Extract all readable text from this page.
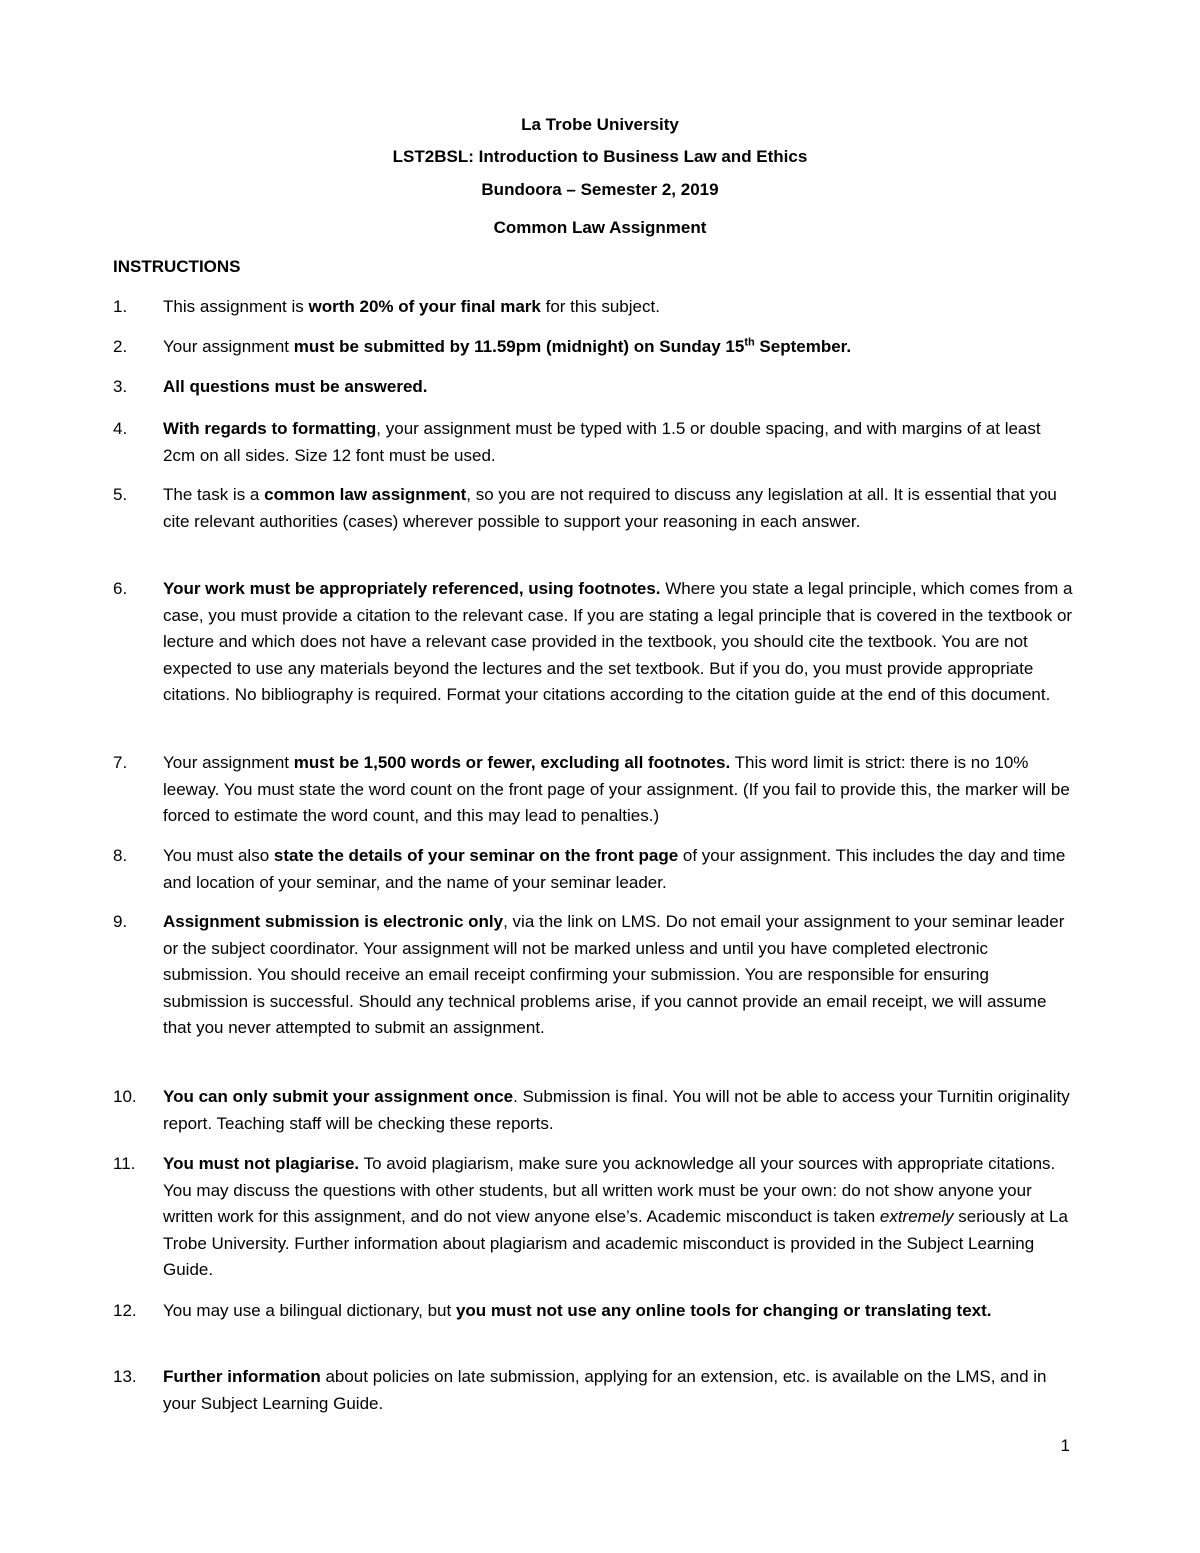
La Trobe University
LST2BSL: Introduction to Business Law and Ethics
Bundoora – Semester 2, 2019
Common Law Assignment
INSTRUCTIONS
1.	This assignment is worth 20% of your final mark for this subject.
2.	Your assignment must be submitted by 11.59pm (midnight) on Sunday 15th September.
3.	All questions must be answered.
4.	With regards to formatting, your assignment must be typed with 1.5 or double spacing, and with margins of at least 2cm on all sides. Size 12 font must be used.
5.	The task is a common law assignment, so you are not required to discuss any legislation at all. It is essential that you cite relevant authorities (cases) wherever possible to support your reasoning in each answer.
6.	Your work must be appropriately referenced, using footnotes. Where you state a legal principle, which comes from a case, you must provide a citation to the relevant case. If you are stating a legal principle that is covered in the textbook or lecture and which does not have a relevant case provided in the textbook, you should cite the textbook. You are not expected to use any materials beyond the lectures and the set textbook. But if you do, you must provide appropriate citations. No bibliography is required. Format your citations according to the citation guide at the end of this document.
7.	Your assignment must be 1,500 words or fewer, excluding all footnotes. This word limit is strict: there is no 10% leeway. You must state the word count on the front page of your assignment. (If you fail to provide this, the marker will be forced to estimate the word count, and this may lead to penalties.)
8.	You must also state the details of your seminar on the front page of your assignment. This includes the day and time and location of your seminar, and the name of your seminar leader.
9.	Assignment submission is electronic only, via the link on LMS. Do not email your assignment to your seminar leader or the subject coordinator. Your assignment will not be marked unless and until you have completed electronic submission. You should receive an email receipt confirming your submission. You are responsible for ensuring submission is successful. Should any technical problems arise, if you cannot provide an email receipt, we will assume that you never attempted to submit an assignment.
10.	You can only submit your assignment once. Submission is final. You will not be able to access your Turnitin originality report. Teaching staff will be checking these reports.
11.	You must not plagiarise. To avoid plagiarism, make sure you acknowledge all your sources with appropriate citations. You may discuss the questions with other students, but all written work must be your own: do not show anyone your written work for this assignment, and do not view anyone else’s. Academic misconduct is taken extremely seriously at La Trobe University. Further information about plagiarism and academic misconduct is provided in the Subject Learning Guide.
12.	You may use a bilingual dictionary, but you must not use any online tools for changing or translating text.
13.	Further information about policies on late submission, applying for an extension, etc. is available on the LMS, and in your Subject Learning Guide.
1
